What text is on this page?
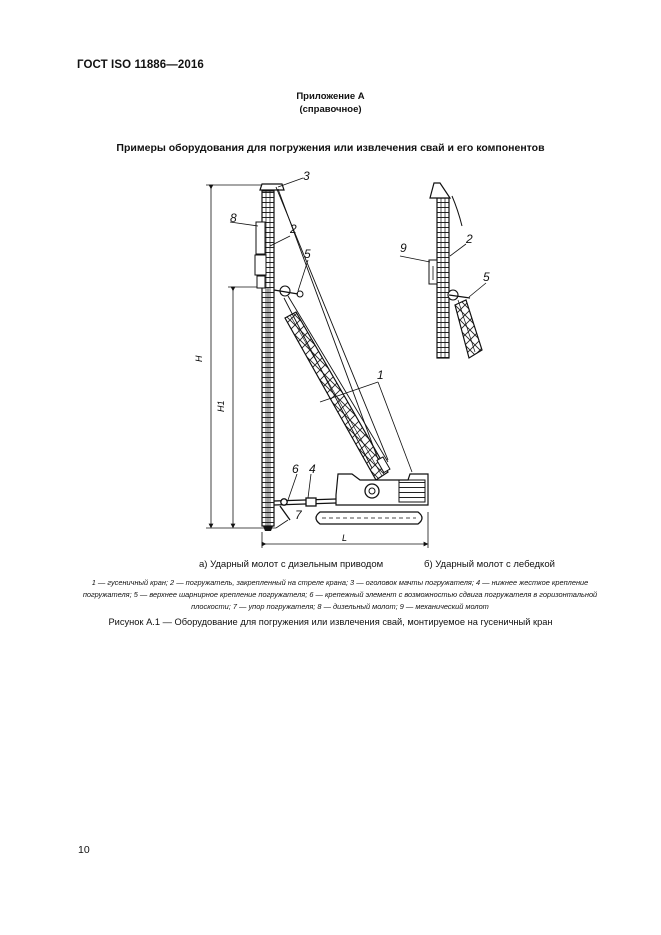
ГОСТ ISO 11886—2016
Приложение А
(справочное)
Примеры оборудования для погружения или извлечения свай и его компонентов
H
H1
L
3
8
2
5
1
6 4
7
9
2
5
а) Ударный молот с дизельным приводом	б) Ударный молот с лебедкой
1 — гусеничный кран; 2 — погружатель, закрепленный на стреле крана; 3 — оголовок мачты погружателя; 4 — нижнее жесткое крепление погружателя; 5 — верхнее шарнирное крепление погружателя; 6 — крепежный элемент с возможностью сдвига погружателя в горизонтальной плоскости; 7 — упор погружателя; 8 — дизельный молот; 9 — механический молот
Рисунок А.1 — Оборудование для погружения или извлечения свай, монтируемое на гусеничный кран
10
